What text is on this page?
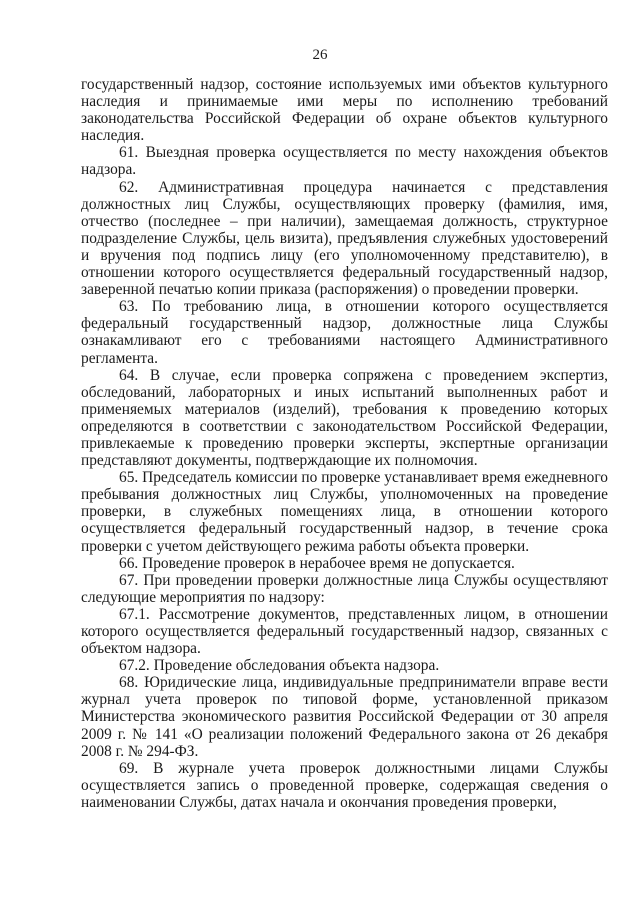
26

государственный надзор, состояние используемых ими объектов культурного наследия и принимаемые ими меры по исполнению требований законодательства Российской Федерации об охране объектов культурного наследия.

61. Выездная проверка осуществляется по месту нахождения объектов надзора.

62. Административная процедура начинается с представления должностных лиц Службы, осуществляющих проверку (фамилия, имя, отчество (последнее – при наличии), замещаемая должность, структурное подразделение Службы, цель визита), предъявления служебных удостоверений и вручения под подпись лицу (его уполномоченному представителю), в отношении которого осуществляется федеральный государственный надзор, заверенной печатью копии приказа (распоряжения) о проведении проверки.

63. По требованию лица, в отношении которого осуществляется федеральный государственный надзор, должностные лица Службы ознакамливают его с требованиями настоящего Административного регламента.

64. В случае, если проверка сопряжена с проведением экспертиз, обследований, лабораторных и иных испытаний выполненных работ и применяемых материалов (изделий), требования к проведению которых определяются в соответствии с законодательством Российской Федерации, привлекаемые к проведению проверки эксперты, экспертные организации представляют документы, подтверждающие их полномочия.

65. Председатель комиссии по проверке устанавливает время ежедневного пребывания должностных лиц Службы, уполномоченных на проведение проверки, в служебных помещениях лица, в отношении которого осуществляется федеральный государственный надзор, в течение срока проверки с учетом действующего режима работы объекта проверки.

66. Проведение проверок в нерабочее время не допускается.

67. При проведении проверки должностные лица Службы осуществляют следующие мероприятия по надзору:

67.1. Рассмотрение документов, представленных лицом, в отношении которого осуществляется федеральный государственный надзор, связанных с объектом надзора.

67.2. Проведение обследования объекта надзора.

68. Юридические лица, индивидуальные предприниматели вправе вести журнал учета проверок по типовой форме, установленной приказом Министерства экономического развития Российской Федерации от 30 апреля 2009 г. № 141 «О реализации положений Федерального закона от 26 декабря 2008 г. № 294-ФЗ.

69. В журнале учета проверок должностными лицами Службы осуществляется запись о проведенной проверке, содержащая сведения о наименовании Службы, датах начала и окончания проведения проверки,
